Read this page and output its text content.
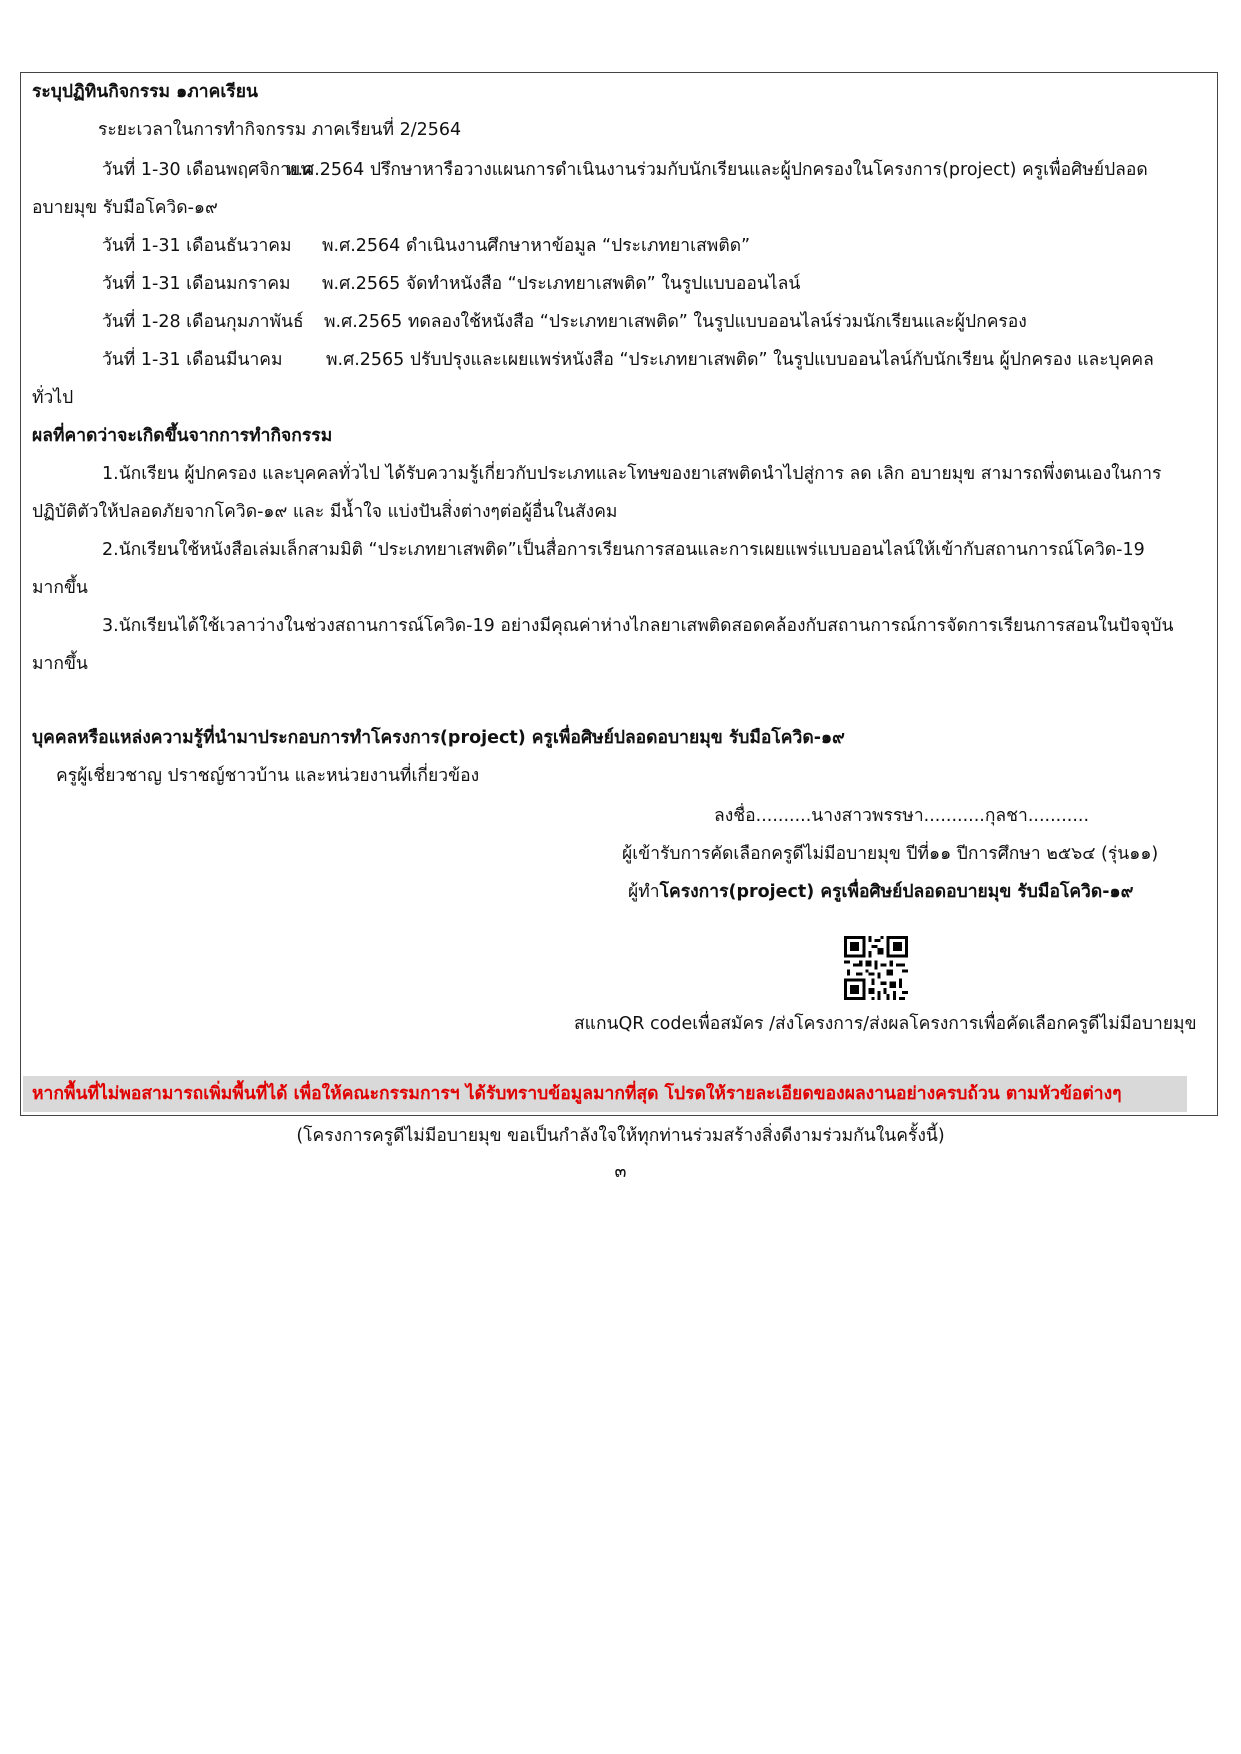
ระบุปฏิทินกิจกรรม ๑ภาคเรียน
ระยะเวลาในการทำกิจกรรม ภาคเรียนที่ 2/2564
วันที่ 1-30 เดือนพฤศจิกายน
พ.ศ.2564 ปรึกษาหารือวางแผนการดำเนินงานร่วมกับนักเรียนและผู้ปกครองในโครงการ(project) ครูเพื่อศิษย์ปลอด
อบายมุข รับมือโควิด-๑๙
วันที่ 1-31 เดือนธันวาคม พ.ศ.2564 ดำเนินงานศึกษาหาข้อมูล “ประเภทยาเสพติด”
วันที่ 1-31 เดือนมกราคม พ.ศ.2565 จัดทำหนังสือ “ประเภทยาเสพติด” ในรูปแบบออนไลน์
วันที่ 1-28 เดือนกุมภาพันธ์ พ.ศ.2565 ทดลองใช้หนังสือ “ประเภทยาเสพติด” ในรูปแบบออนไลน์ร่วมนักเรียนและผู้ปกครอง
วันที่ 1-31 เดือนมีนาคม พ.ศ.2565 ปรับปรุงและเผยแพร่หนังสือ “ประเภทยาเสพติด” ในรูปแบบออนไลน์กับนักเรียน ผู้ปกครอง และบุคคล
ทั่วไป
ผลที่คาดว่าจะเกิดขึ้นจากการทำกิจกรรม
1.นักเรียน ผู้ปกครอง และบุคคลทั่วไป ได้รับความรู้เกี่ยวกับประเภทและโทษของยาเสพติดนำไปสู่การ ลด เลิก อบายมุข สามารถพึ่งตนเองในการ
ปฏิบัติตัวให้ปลอดภัยจากโควิด-๑๙ และ มีน้ำใจ แบ่งปันสิ่งต่างๆต่อผู้อื่นในสังคม
2.นักเรียนใช้หนังสือเล่มเล็กสามมิติ “ประเภทยาเสพติด”เป็นสื่อการเรียนการสอนและการเผยแพร่แบบออนไลน์ให้เข้ากับสถานการณ์โควิด-19
มากขึ้น
3.นักเรียนได้ใช้เวลาว่างในช่วงสถานการณ์โควิด-19 อย่างมีคุณค่าห่างไกลยาเสพติดสอดคล้องกับสถานการณ์การจัดการเรียนการสอนในปัจจุบัน
มากขึ้น
บุคคลหรือแหล่งความรู้ที่นำมาประกอบการทำโครงการ(project) ครูเพื่อศิษย์ปลอดอบายมุข รับมือโควิด-๑๙
ครูผู้เชี่ยวชาญ ปราชญ์ชาวบ้าน และหน่วยงานที่เกี่ยวข้อง
ลงชื่อ..........นางสาวพรรษา...........กุลชา...........
ผู้เข้ารับการคัดเลือกครูดีไม่มีอบายมุข ปีที่๑๑ ปีการศึกษา ๒๕๖๔ (รุ่น๑๑)
ผู้ทำโครงการ(project) ครูเพื่อศิษย์ปลอดอบายมุข รับมือโควิด-๑๙
สแกนQR codeเพื่อสมัคร /ส่งโครงการ/ส่งผลโครงการเพื่อคัดเลือกครูดีไม่มีอบายมุข
หากพื้นที่ไม่พอสามารถเพิ่มพื้นที่ได้ เพื่อให้คณะกรรมการฯ ได้รับทราบข้อมูลมากที่สุด โปรดให้รายละเอียดของผลงานอย่างครบถ้วน ตามหัวข้อต่างๆ
(โครงการครูดีไม่มีอบายมุข ขอเป็นกำลังใจให้ทุกท่านร่วมสร้างสิ่งดีงามร่วมกันในครั้งนี้)
๓
